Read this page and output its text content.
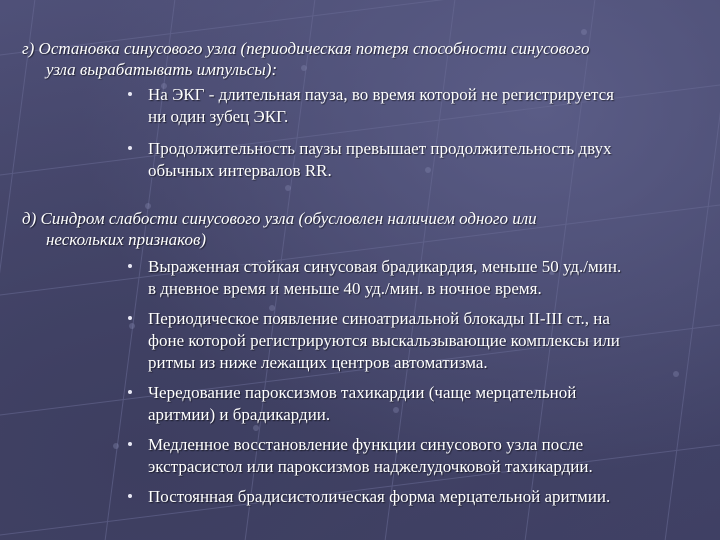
г) Остановка синусового узла (периодическая потеря способности синусового
узла вырабатывать импульсы):

На ЭКГ - длительная пауза, во время которой не регистрируется
ни один зубец ЭКГ.
Продолжительность паузы превышает продолжительность двух
обычных интервалов RR.

д) Синдром слабости синусового узла (обусловлен наличием одного или
нескольких признаков)

Выраженная стойкая синусовая брадикардия, меньше 50 уд./мин.
в дневное время и меньше 40 уд./мин. в ночное время.
Периодическое появление синоатриальной блокады II-III ст., на
фоне которой регистрируются выскальзывающие комплексы или
ритмы из ниже лежащих центров автоматизма.
Чередование пароксизмов тахикардии (чаще мерцательной
аритмии) и брадикардии.
Медленное восстановление функции синусового узла после
экстрасистол или пароксизмов наджелудочковой тахикардии.
Постоянная брадисистолическая форма мерцательной аритмии.
